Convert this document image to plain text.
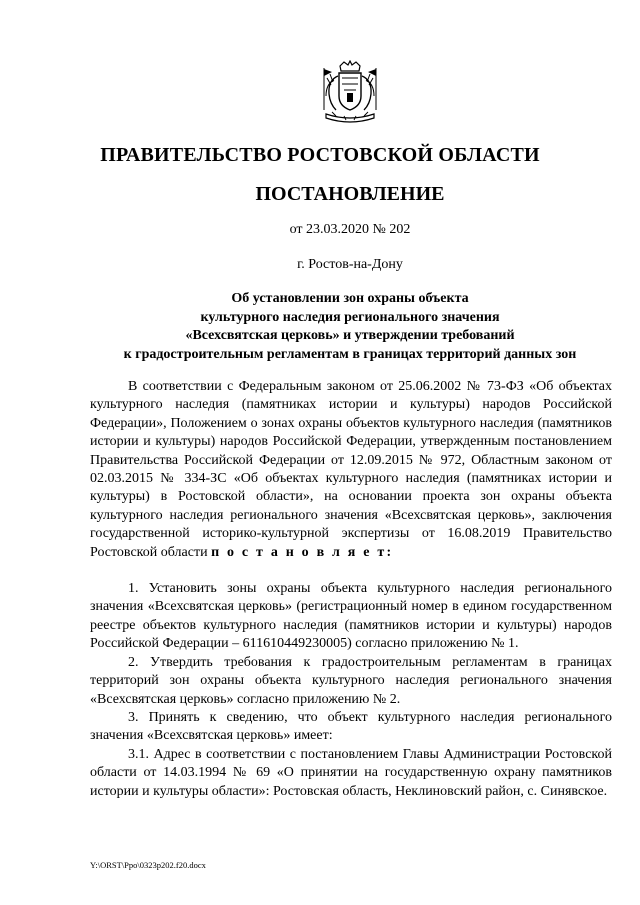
ПРАВИТЕЛЬСТВО РОСТОВСКОЙ ОБЛАСТИ
ПОСТАНОВЛЕНИЕ
от 23.03.2020 № 202
г. Ростов-на-Дону
Об установлении зон охраны объекта
культурного наследия регионального значения
«Всехсвятская церковь» и утверждении требований
к градостроительным регламентам в границах территорий данных зон

В соответствии с Федеральным законом от 25.06.2002 № 73-ФЗ «Об объектах культурного наследия (памятниках истории и культуры) народов Российской Федерации», Положением о зонах охраны объектов культурного наследия (памятников истории и культуры) народов Российской Федерации, утвержденным постановлением Правительства Российской Федерации от 12.09.2015 № 972, Областным законом от 02.03.2015 № 334-ЗС «Об объектах культурного наследия (памятниках истории и культуры) в Ростовской области», на основании проекта зон охраны объекта культурного наследия регионального значения «Всехсвятская церковь», заключения государственной историко-культурной экспертизы от 16.08.2019 Правительство Ростовской области п о с т а н о в л я е т:

1. Установить зоны охраны объекта культурного наследия регионального значения «Всехсвятская церковь» (регистрационный номер в едином государственном реестре объектов культурного наследия (памятников истории и культуры) народов Российской Федерации – 611610449230005) согласно приложению № 1.

2. Утвердить требования к градостроительным регламентам в границах территорий зон охраны объекта культурного наследия регионального значения «Всехсвятская церковь» согласно приложению № 2.

3. Принять к сведению, что объект культурного наследия регионального значения «Всехсвятская церковь» имеет:

3.1. Адрес в соответствии с постановлением Главы Администрации Ростовской области от 14.03.1994 № 69 «О принятии на государственную охрану памятников истории и культуры области»: Ростовская область, Неклиновский район, с. Синявское.

Y:\ORST\Ppo\0323p202.f20.docx
